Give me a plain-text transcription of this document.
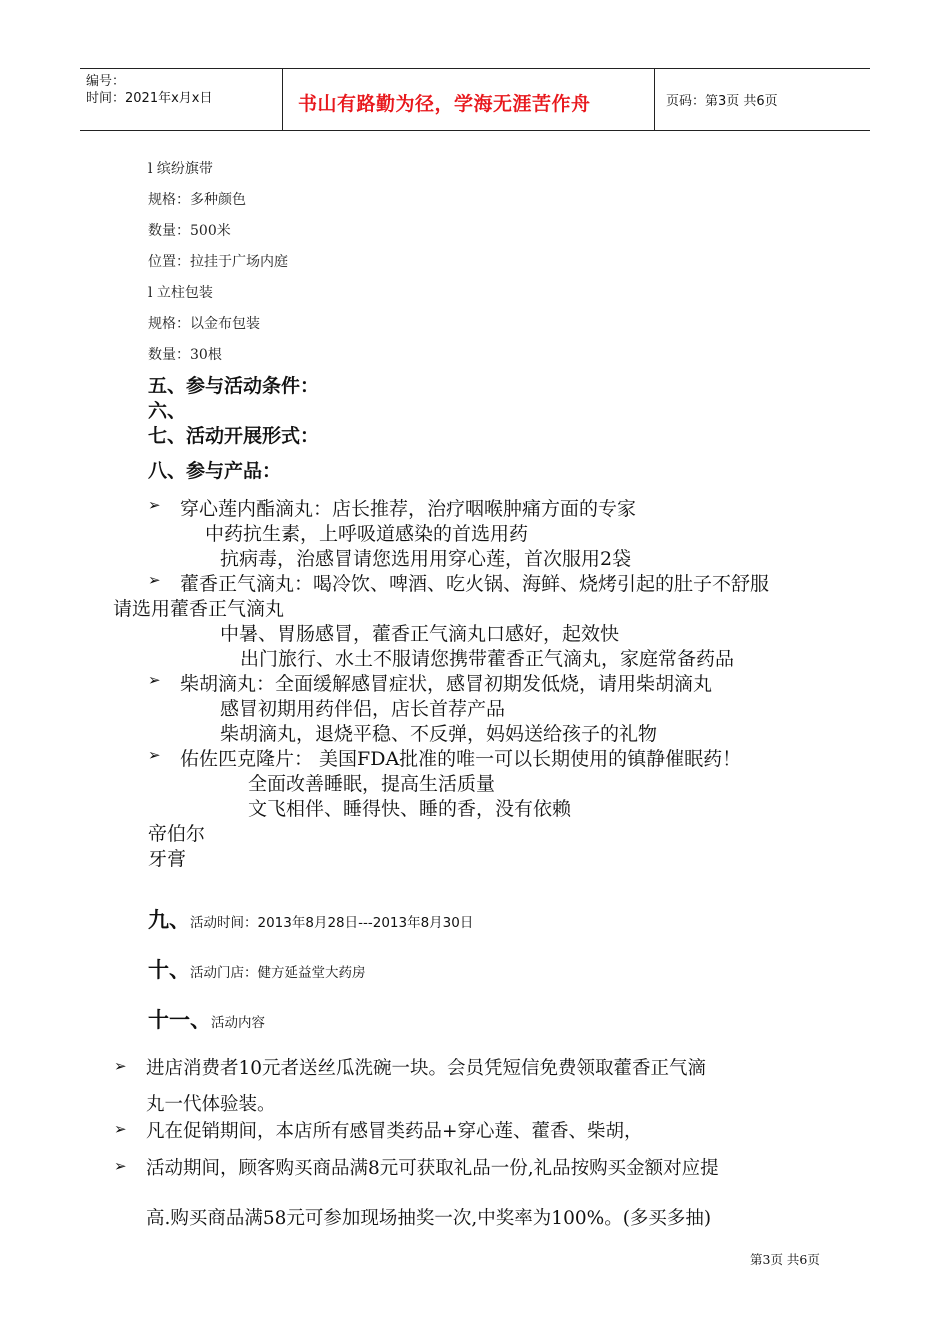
编号：
时间：2021年x月x日	书山有路勤为径，学海无涯苦作舟	页码：第3页 共6页
l 缤纷旗带
规格：多种颜色
数量：500米
位置：拉挂于广场内庭
l 立柱包装
规格：以金布包装
数量：30根
五、参与活动条件：
六、
七、活动开展形式：
八、参与产品：
➢ 穿心莲内酯滴丸：店长推荐，治疗咽喉肿痛方面的专家
中药抗生素，上呼吸道感染的首选用药
抗病毒，治感冒请您选用用穿心莲，首次服用2袋
➢ 藿香正气滴丸：喝冷饮、啤酒、吃火锅、海鲜、烧烤引起的肚子不舒服
请选用藿香正气滴丸
中暑、胃肠感冒，藿香正气滴丸口感好，起效快
出门旅行、水土不服请您携带藿香正气滴丸，家庭常备药品
➢ 柴胡滴丸：全面缓解感冒症状，感冒初期发低烧，请用柴胡滴丸
感冒初期用药伴侣，店长首荐产品
柴胡滴丸，退烧平稳、不反弹，妈妈送给孩子的礼物
➢ 佑佐匹克隆片： 美国FDA批准的唯一可以长期使用的镇静催眠药！
全面改善睡眠，提高生活质量
文飞相伴、睡得快、睡的香，没有依赖
帝伯尔
牙膏
九、活动时间：2013年8月28日---2013年8月30日
十、活动门店：健方延益堂大药房
十一、活动内容
➢ 进店消费者10元者送丝瓜洗碗一块。会员凭短信免费领取藿香正气滴
丸一代体验装。
➢ 凡在促销期间，本店所有感冒类药品+穿心莲、藿香、柴胡，
➢ 活动期间，顾客购买商品满8元可获取礼品一份,礼品按购买金额对应提
高.购买商品满58元可参加现场抽奖一次,中奖率为100%。(多买多抽)
第3页 共6页
